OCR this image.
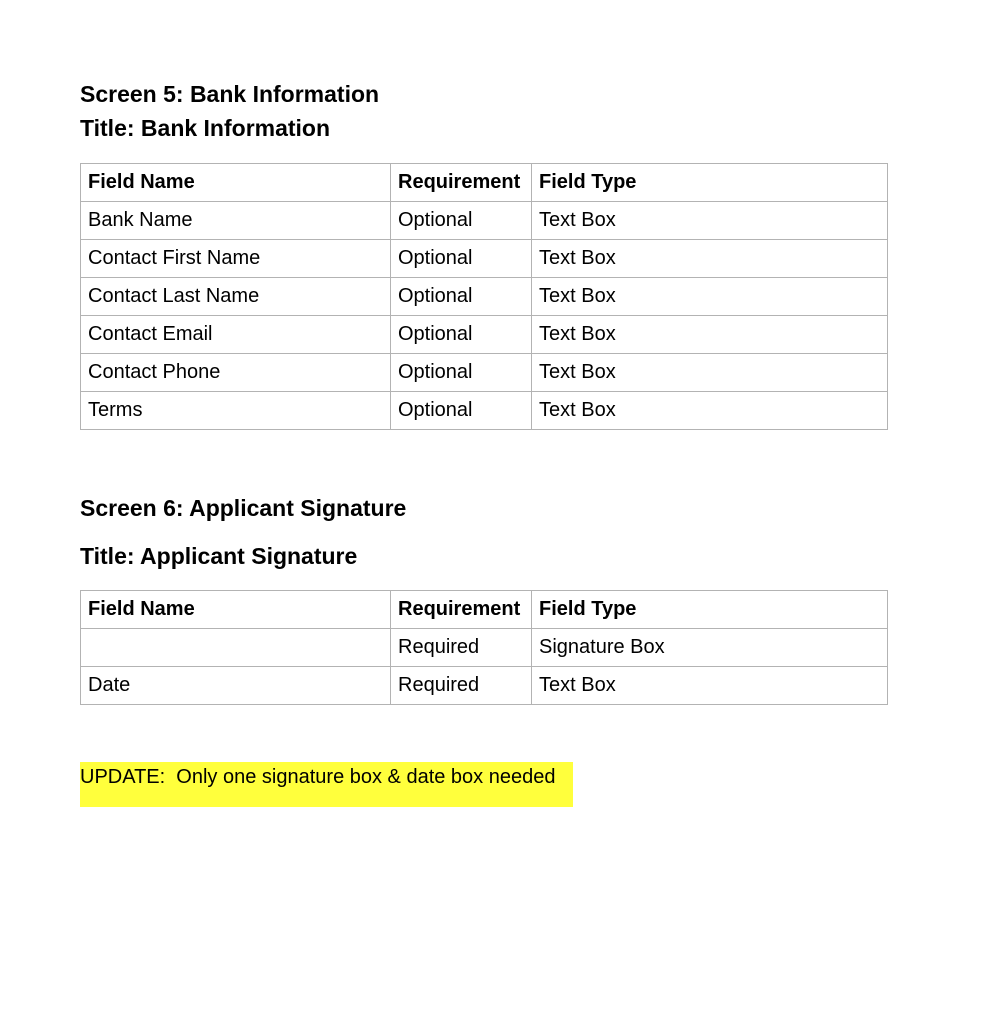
Screen 5: Bank Information
Title: Bank Information
Field Name	Requirement	Field Type
Bank Name	Optional	Text Box
Contact First Name	Optional	Text Box
Contact Last Name	Optional	Text Box
Contact Email	Optional	Text Box
Contact Phone	Optional	Text Box
Terms	Optional	Text Box
Screen 6: Applicant Signature
Title: Applicant Signature
Field Name	Requirement	Field Type
	Required	Signature Box
Date	Required	Text Box
UPDATE:  Only one signature box & date box needed
